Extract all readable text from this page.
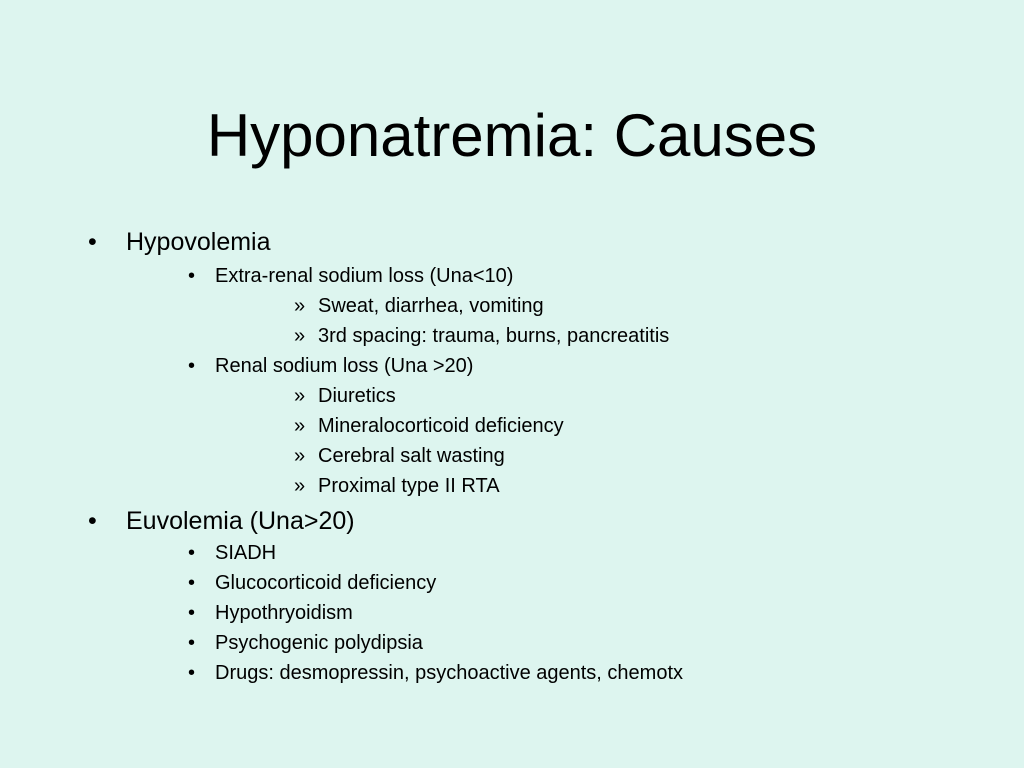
Hyponatremia: Causes
• Hypovolemia
• Extra-renal sodium loss (Una<10)
» Sweat, diarrhea, vomiting
» 3rd spacing: trauma, burns, pancreatitis
• Renal sodium loss (Una >20)
» Diuretics
» Mineralocorticoid deficiency
» Cerebral salt wasting
» Proximal type II RTA
• Euvolemia (Una>20)
• SIADH
• Glucocorticoid deficiency
• Hypothryoidism
• Psychogenic polydipsia
• Drugs: desmopressin, psychoactive agents, chemotx
